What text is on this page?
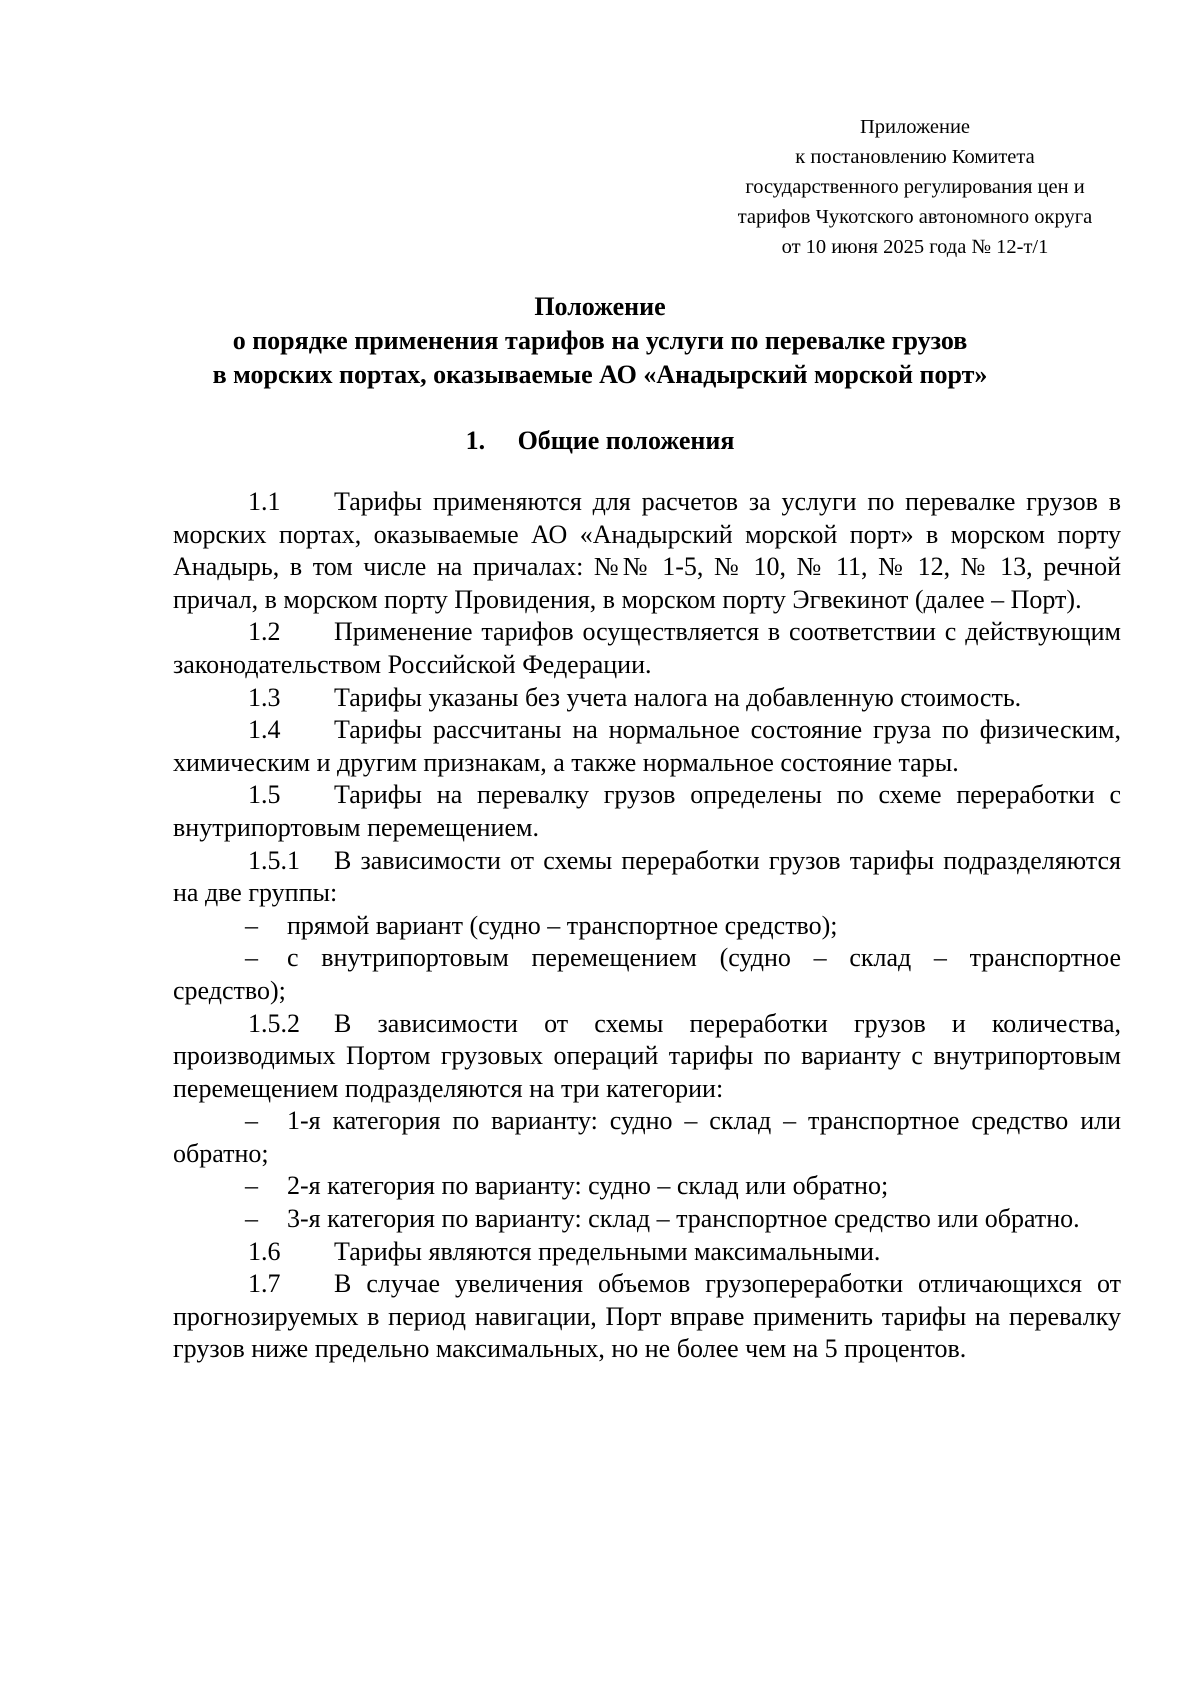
Приложение
к постановлению Комитета
государственного регулирования цен и
тарифов Чукотского автономного округа
от 10 июня 2025 года № 12-т/1
Положение
о порядке применения тарифов на услуги по перевалке грузов
в морских портах, оказываемые АО «Анадырский морской порт»
1. Общие положения

1.1 Тарифы применяются для расчетов за услуги по перевалке грузов в морских портах, оказываемые АО «Анадырский морской порт» в морском порту Анадырь, в том числе на причалах: №№ 1-5, № 10, № 11, № 12, № 13, речной причал, в морском порту Провидения, в морском порту Эгвекинот (далее – Порт).

1.2 Применение тарифов осуществляется в соответствии с действующим законодательством Российской Федерации.

1.3 Тарифы указаны без учета налога на добавленную стоимость.

1.4 Тарифы рассчитаны на нормальное состояние груза по физическим, химическим и другим признакам, а также нормальное состояние тары.

1.5 Тарифы на перевалку грузов определены по схеме переработки с внутрипортовым перемещением.

1.5.1 В зависимости от схемы переработки грузов тарифы подразделяются на две группы:

– прямой вариант (судно – транспортное средство);

– с внутрипортовым перемещением (судно – склад – транспортное средство);

1.5.2 В зависимости от схемы переработки грузов и количества, производимых Портом грузовых операций тарифы по варианту с внутрипортовым перемещением подразделяются на три категории:

– 1-я категория по варианту: судно – склад – транспортное средство или обратно;

– 2-я категория по варианту: судно – склад или обратно;

– 3-я категория по варианту: склад – транспортное средство или обратно.

1.6 Тарифы являются предельными максимальными.

1.7 В случае увеличения объемов грузопереработки отличающихся от прогнозируемых в период навигации, Порт вправе применить тарифы на перевалку грузов ниже предельно максимальных, но не более чем на 5 процентов.
